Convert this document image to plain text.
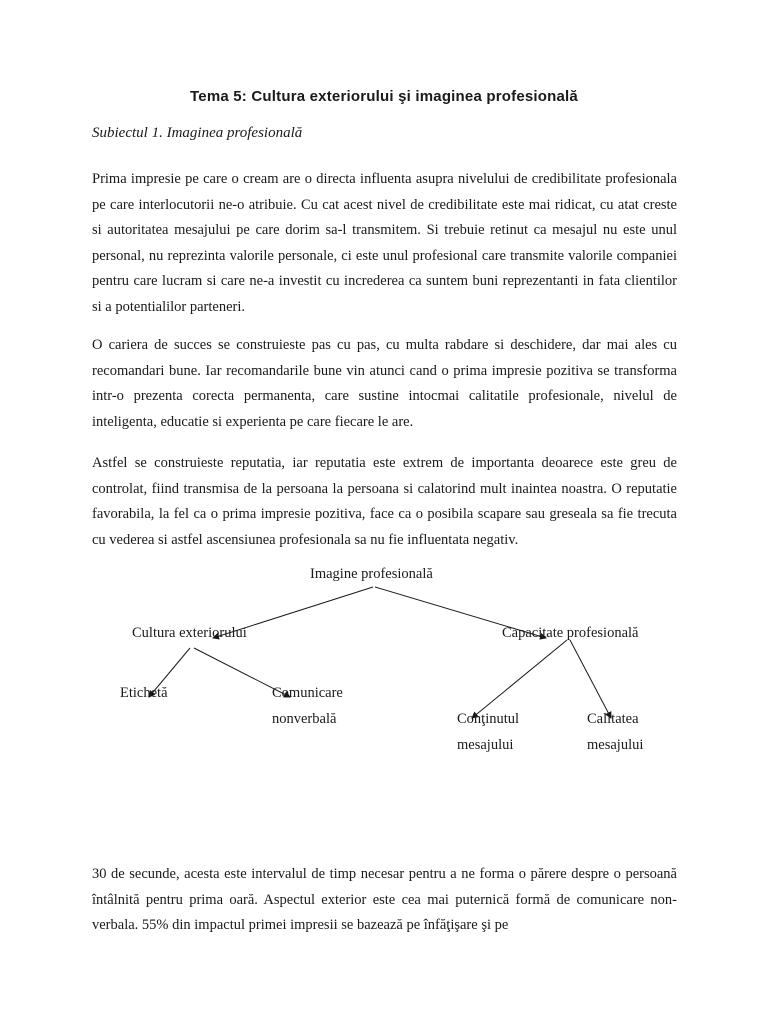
Tema 5: Cultura exteriorului şi imaginea profesională
Subiectul 1. Imaginea profesională

Prima impresie pe care o cream are o directa influenta asupra nivelului de credibilitate profesionala pe care interlocutorii ne-o atribuie. Cu cat acest nivel de credibilitate este mai ridicat, cu atat creste si autoritatea mesajului pe care dorim sa-l transmitem. Si trebuie retinut ca mesajul nu este unul personal, nu reprezinta valorile personale, ci este unul profesional care transmite valorile companiei pentru care lucram si care ne-a investit cu increderea ca suntem buni reprezentanti in fata clientilor si a potentialilor parteneri.

O cariera de succes se construieste pas cu pas, cu multa rabdare si deschidere, dar mai ales cu recomandari bune. Iar recomandarile bune vin atunci cand o prima impresie pozitiva se transforma intr-o prezenta corecta permanenta, care sustine intocmai calitatile profesionale, nivelul de inteligenta, educatie si experienta pe care fiecare le are.

Astfel se construieste reputatia, iar reputatia este extrem de importanta deoarece este greu de controlat, fiind transmisa de la persoana la persoana si calatorind mult inaintea noastra. O reputatie favorabila, la fel ca o prima impresie pozitiva, face ca o posibila scapare sau greseala sa fie trecuta cu vederea si astfel ascensiunea profesionala sa nu fie influentata negativ.

Imagine profesională
Cultura exteriorului	Capacitate profesională
Etichetă	Comunicare nonverbală	Conţinutul mesajului
Calitatea mesajului

30 de secunde, acesta este intervalul de timp necesar pentru a ne forma o părere despre o persoană întâlnită pentru prima oară. Aspectul exterior este cea mai puternică formă de comunicare non-verbala. 55% din impactul primei impresii se bazează pe înfăţişare şi pe
